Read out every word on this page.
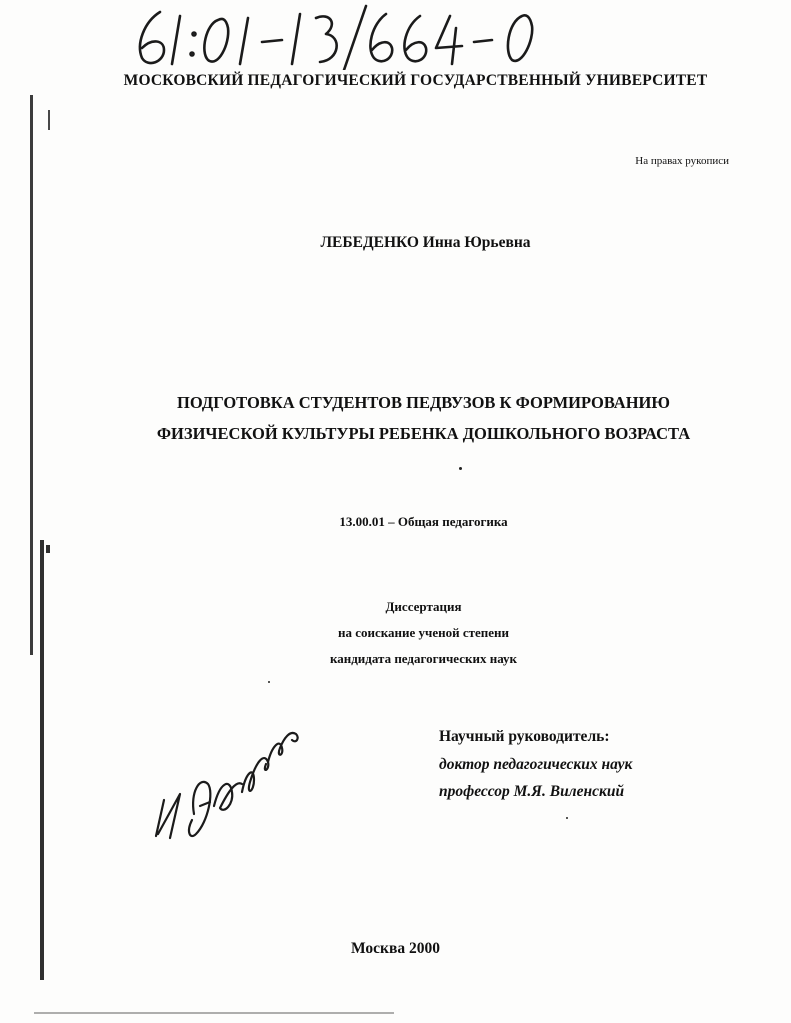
МОСКОВСКИЙ ПЕДАГОГИЧЕСКИЙ ГОСУДАРСТВЕННЫЙ УНИВЕРСИТЕТ
На правах рукописи
ЛЕБЕДЕНКО Инна Юрьевна
ПОДГОТОВКА СТУДЕНТОВ ПЕДВУЗОВ К ФОРМИРОВАНИЮ
ФИЗИЧЕСКОЙ КУЛЬТУРЫ РЕБЕНКА ДОШКОЛЬНОГО ВОЗРАСТА
13.00.01 – Общая педагогика
Диссертация
на соискание ученой степени
кандидата педагогических наук
Научный руководитель:
доктор педагогических наук
профессор М.Я. Виленский
Москва 2000
